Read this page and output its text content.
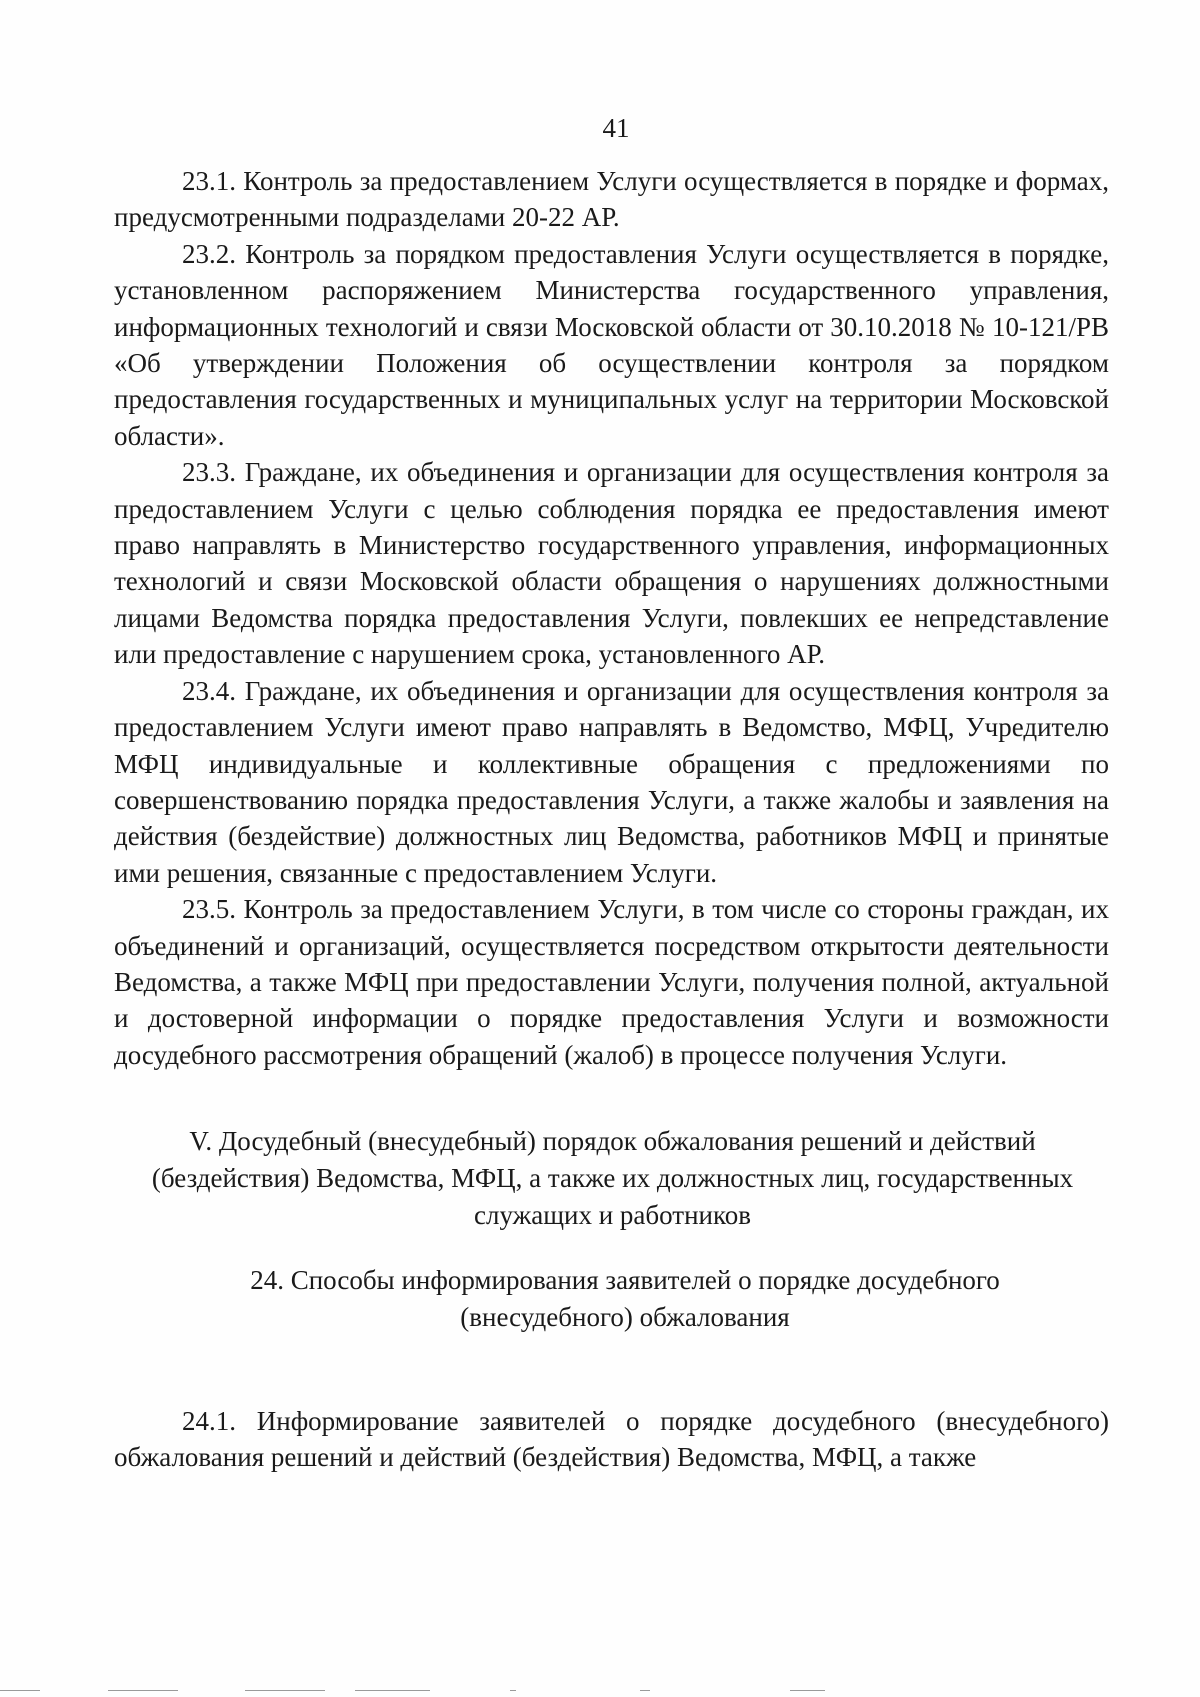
41

23.1. Контроль за предоставлением Услуги осуществляется в порядке и формах, предусмотренными подразделами 20-22 АР.

23.2. Контроль за порядком предоставления Услуги осуществляется в порядке, установленном распоряжением Министерства государственного управления, информационных технологий и связи Московской области от 30.10.2018 № 10-121/РВ «Об утверждении Положения об осуществлении контроля за порядком предоставления государственных и муниципальных услуг на территории Московской области».

23.3. Граждане, их объединения и организации для осуществления контроля за предоставлением Услуги с целью соблюдения порядка ее предоставления имеют право направлять в Министерство государственного управления, информационных технологий и связи Московской области обращения о нарушениях должностными лицами Ведомства порядка предоставления Услуги, повлекших ее непредставление или предоставление с нарушением срока, установленного АР.

23.4. Граждане, их объединения и организации для осуществления контроля за предоставлением Услуги имеют право направлять в Ведомство, МФЦ, Учредителю МФЦ индивидуальные и коллективные обращения с предложениями по совершенствованию порядка предоставления Услуги, а также жалобы и заявления на действия (бездействие) должностных лиц Ведомства, работников МФЦ и принятые ими решения, связанные с предоставлением Услуги.

23.5. Контроль за предоставлением Услуги, в том числе со стороны граждан, их объединений и организаций, осуществляется посредством открытости деятельности Ведомства, а также МФЦ при предоставлении Услуги, получения полной, актуальной и достоверной информации о порядке предоставления Услуги и возможности досудебного рассмотрения обращений (жалоб) в процессе получения Услуги.

V. Досудебный (внесудебный) порядок обжалования решений и действий
(бездействия) Ведомства, МФЦ, а также их должностных лиц, государственных
служащих и работников
24. Способы информирования заявителей о порядке досудебного
(внесудебного) обжалования

24.1. Информирование заявителей о порядке досудебного (внесудебного) обжалования решений и действий (бездействия) Ведомства, МФЦ, а также
